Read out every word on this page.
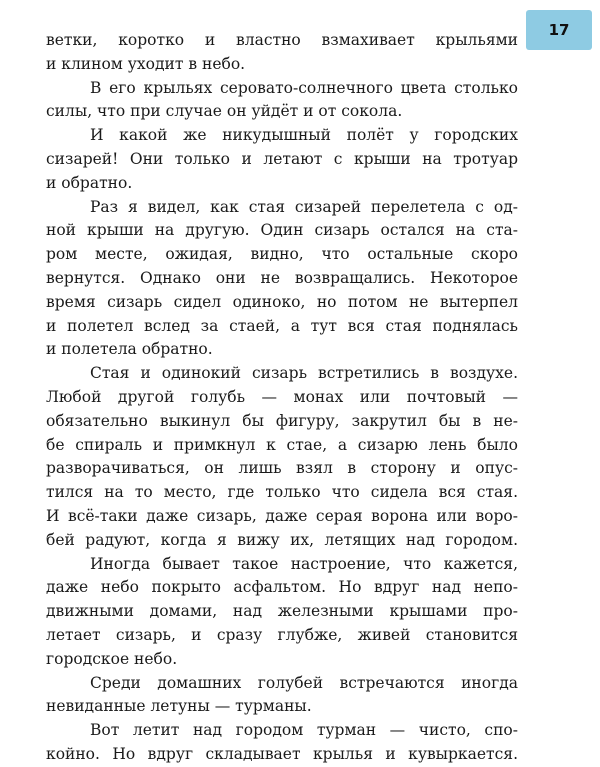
17
ветки, коротко и властно взмахивает крыльями
и клином уходит в небо.
В его крыльях серовато-солнечного цвета столько
силы, что при случае он уйдёт и от сокола.
И какой же никудышный полёт у городских
сизарей! Они только и летают с крыши на тротуар
и обратно.
Раз я видел, как стая сизарей перелетела с од-
ной крыши на другую. Один сизарь остался на ста-
ром месте, ожидая, видно, что остальные скоро
вернутся. Однако они не возвращались. Некоторое
время сизарь сидел одиноко, но потом не вытерпел
и полетел вслед за стаей, а тут вся стая поднялась
и полетела обратно.
Стая и одинокий сизарь встретились в воздухе.
Любой другой голубь — монах или почтовый —
обязательно выкинул бы фигуру, закрутил бы в не-
бе спираль и примкнул к стае, а сизарю лень было
разворачиваться, он лишь взял в сторону и опус-
тился на то место, где только что сидела вся стая.
И всё-таки даже сизарь, даже серая ворона или воро-
бей радуют, когда я вижу их, летящих над городом.
Иногда бывает такое настроение, что кажется,
даже небо покрыто асфальтом. Но вдруг над непо-
движными домами, над железными крышами про-
летает сизарь, и сразу глубже, живей становится
городское небо.
Среди домашних голубей встречаются иногда
невиданные летуны — турманы.
Вот летит над городом турман — чисто, спо-
койно. Но вдруг складывает крылья и кувыркается.
